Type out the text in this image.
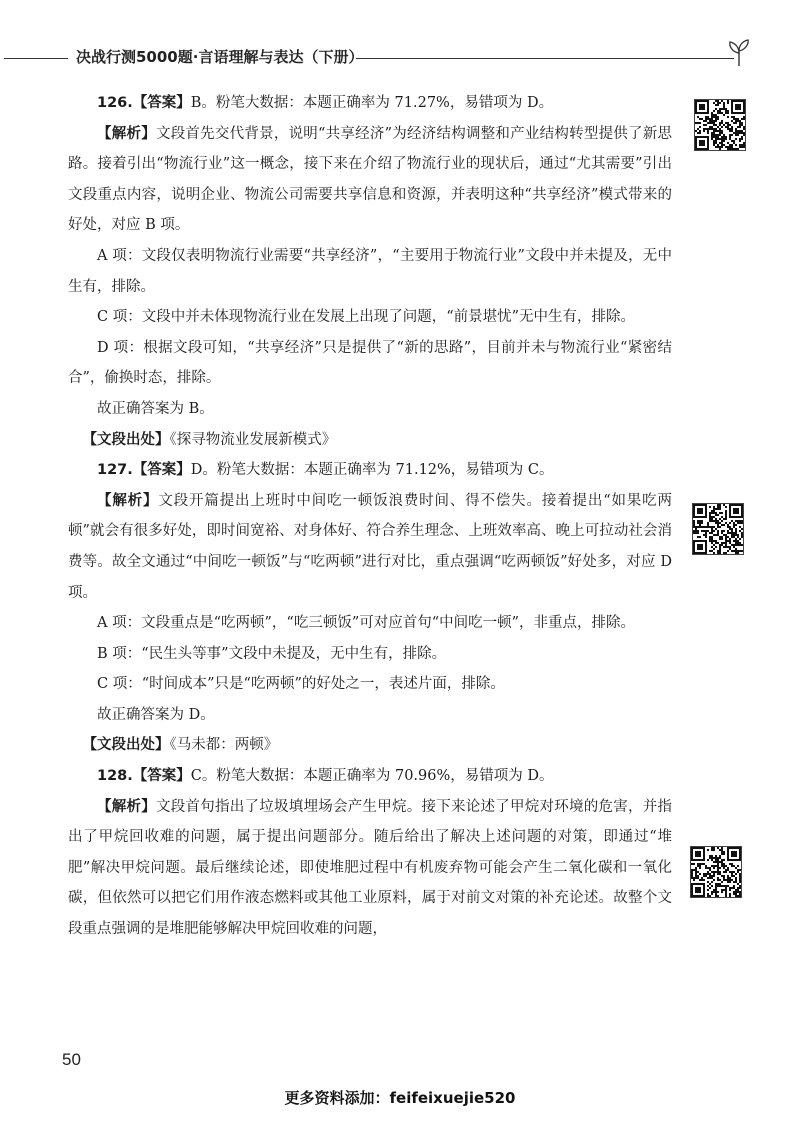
决战行测5000题·言语理解与表达（下册）

126.【答案】B。粉笔大数据：本题正确率为 71.27%，易错项为 D。

【解析】文段首先交代背景，说明“共享经济”为经济结构调整和产业结构转型提供了新思路。接着引出“物流行业”这一概念，接下来在介绍了物流行业的现状后，通过“尤其需要”引出文段重点内容，说明企业、物流公司需要共享信息和资源，并表明这种“共享经济”模式带来的好处，对应 B 项。

A 项：文段仅表明物流行业需要“共享经济”，“主要用于物流行业”文段中并未提及，无中生有，排除。

C 项：文段中并未体现物流行业在发展上出现了问题，“前景堪忧”无中生有，排除。

D 项：根据文段可知，“共享经济”只是提供了“新的思路”，目前并未与物流行业“紧密结合”，偷换时态，排除。

故正确答案为 B。

【文段出处】《探寻物流业发展新模式》

127.【答案】D。粉笔大数据：本题正确率为 71.12%，易错项为 C。

【解析】文段开篇提出上班时中间吃一顿饭浪费时间、得不偿失。接着提出“如果吃两顿”就会有很多好处，即时间宽裕、对身体好、符合养生理念、上班效率高、晚上可拉动社会消费等。故全文通过“中间吃一顿饭”与“吃两顿”进行对比，重点强调“吃两顿饭”好处多，对应 D 项。

A 项：文段重点是“吃两顿”，“吃三顿饭”可对应首句“中间吃一顿”，非重点，排除。

B 项：“民生头等事”文段中未提及，无中生有，排除。

C 项：“时间成本”只是“吃两顿”的好处之一，表述片面，排除。

故正确答案为 D。

【文段出处】《马未都：两顿》

128.【答案】C。粉笔大数据：本题正确率为 70.96%，易错项为 D。

【解析】文段首句指出了垃圾填埋场会产生甲烷。接下来论述了甲烷对环境的危害，并指出了甲烷回收难的问题，属于提出问题部分。随后给出了解决上述问题的对策，即通过“堆肥”解决甲烷问题。最后继续论述，即使堆肥过程中有机废弃物可能会产生二氧化碳和一氧化碳，但依然可以把它们用作液态燃料或其他工业原料，属于对前文对策的补充论述。故整个文段重点强调的是堆肥能够解决甲烷回收难的问题，

50
更多资料添加：feifeixuejie520
